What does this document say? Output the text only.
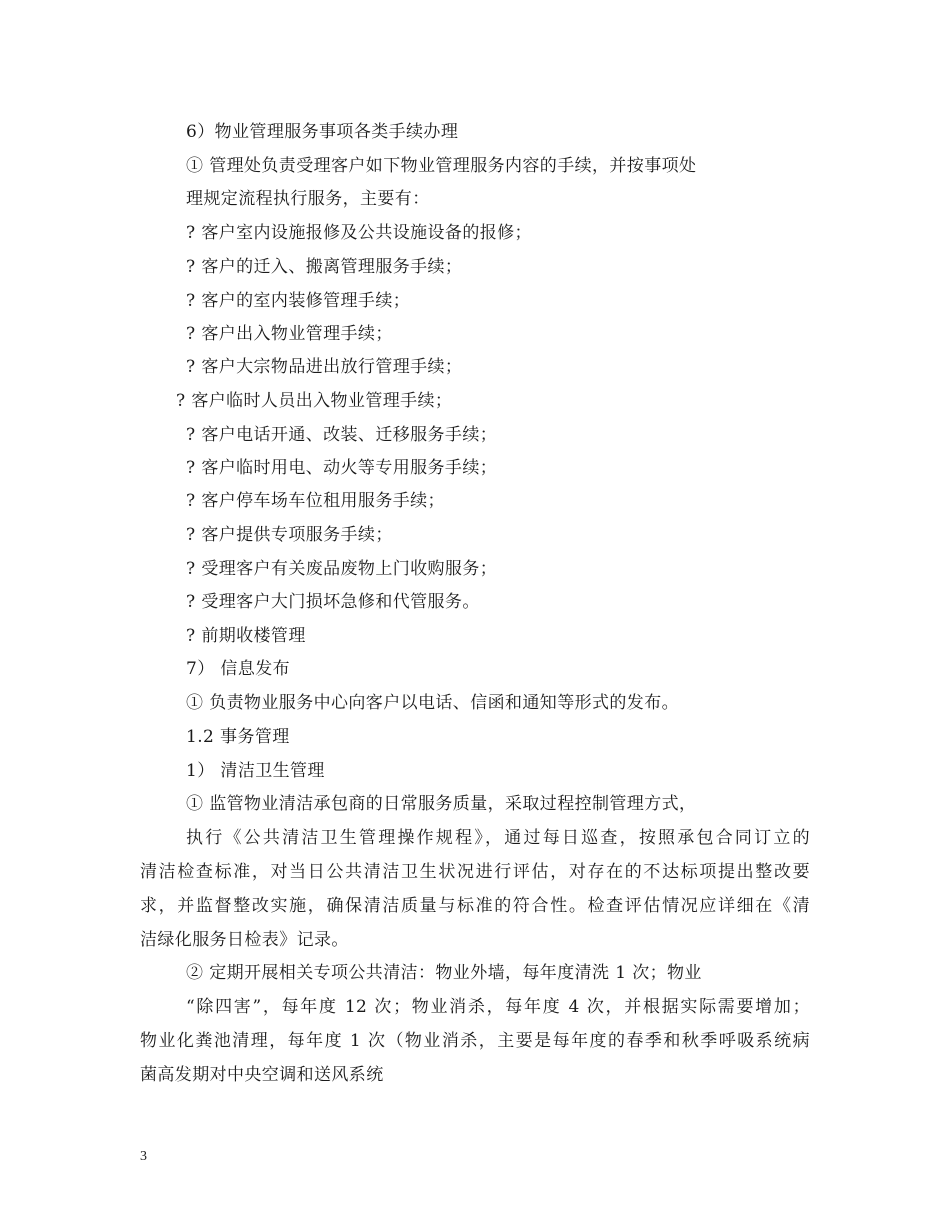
6）物业管理服务事项各类手续办理
① 管理处负责受理客户如下物业管理服务内容的手续，并按事项处
理规定流程执行服务，主要有：
? 客户室内设施报修及公共设施设备的报修；
? 客户的迁入、搬离管理服务手续；
? 客户的室内装修管理手续；
? 客户出入物业管理手续；
? 客户大宗物品进出放行管理手续；
? 客户临时人员出入物业管理手续；
? 客户电话开通、改装、迁移服务手续；
? 客户临时用电、动火等专用服务手续；
? 客户停车场车位租用服务手续；
? 客户提供专项服务手续；
? 受理客户有关废品废物上门收购服务；
? 受理客户大门损坏急修和代管服务。
? 前期收楼管理
7） 信息发布
① 负责物业服务中心向客户以电话、信函和通知等形式的发布。
1.2 事务管理
1） 清洁卫生管理
① 监管物业清洁承包商的日常服务质量，采取过程控制管理方式，
执行《公共清洁卫生管理操作规程》，通过每日巡查，按照承包合同订立的
清洁检查标准，对当日公共清洁卫生状况进行评估，对存在的不达标项提出整改要
求，并监督整改实施，确保清洁质量与标准的符合性。检查评估情况应详细在《清
洁绿化服务日检表》记录。
② 定期开展相关专项公共清洁：物业外墙，每年度清洗 1 次；物业
“除四害”，每年度 12 次；物业消杀，每年度 4 次，并根据实际需要增加；
物业化粪池清理，每年度 1 次（物业消杀，主要是每年度的春季和秋季呼吸系统病
菌高发期对中央空调和送风系统
3
